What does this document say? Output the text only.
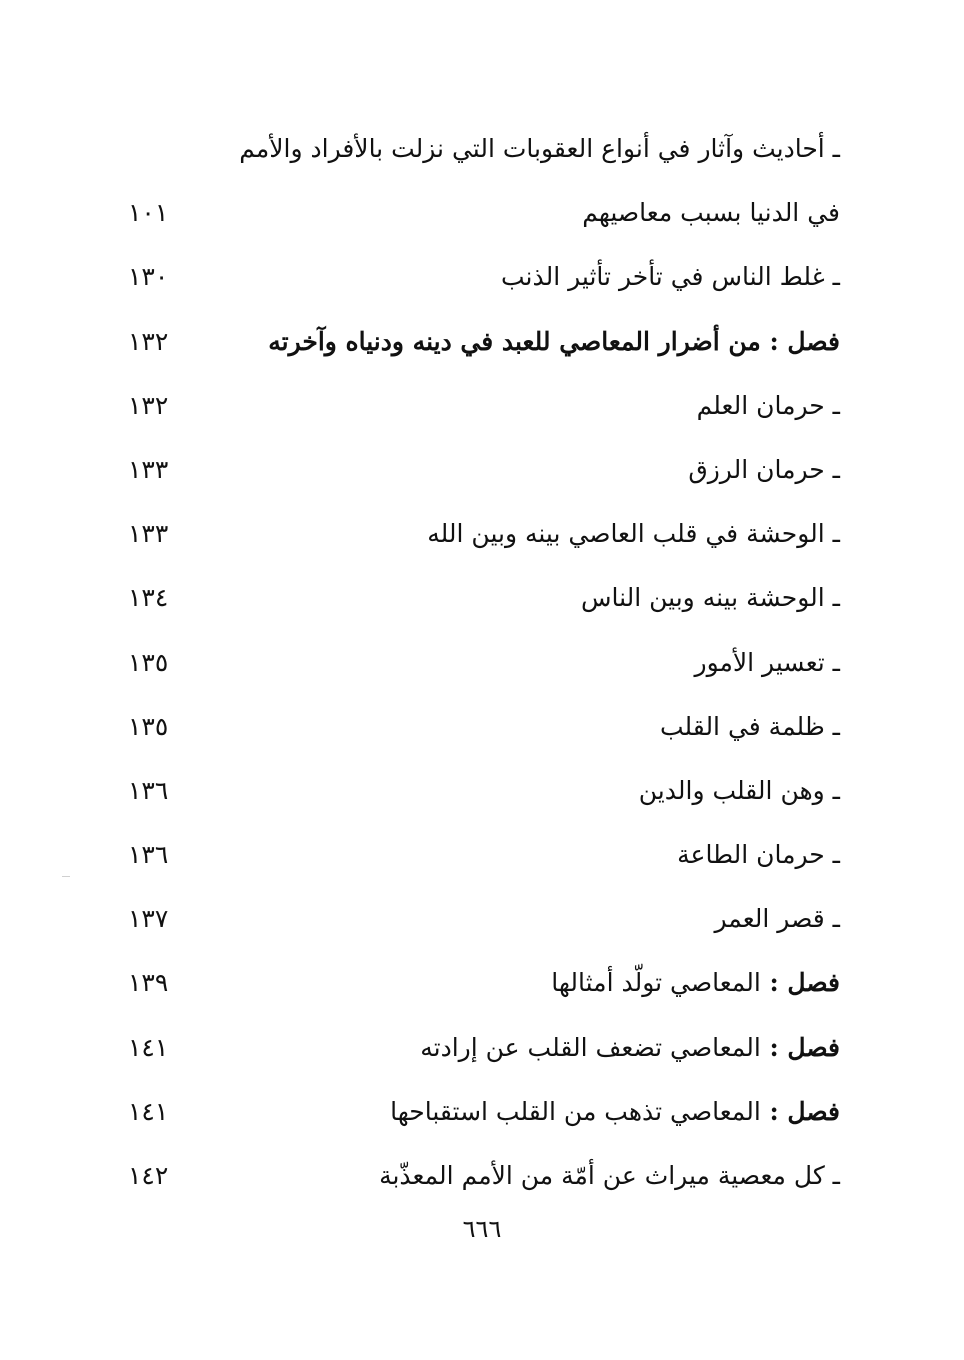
ـ أحاديث وآثار في أنواع العقوبات التي نزلت بالأفراد والأمم
في الدنيا بسبب معاصيهم
١٠١
ـ غلط الناس في تأخر تأثير الذنب
١٣٠
فصل : من أضرار المعاصي للعبد في دينه ودنياه وآخرته
١٣٢
ـ حرمان العلم
١٣٢
ـ حرمان الرزق
١٣٣
ـ الوحشة في قلب العاصي بينه وبين الله
١٣٣
ـ الوحشة بينه وبين الناس
١٣٤
ـ تعسير الأمور
١٣٥
ـ ظلمة في القلب
١٣٥
ـ وهن القلب والدين
١٣٦
ـ حرمان الطاعة
١٣٦
ـ قصر العمر
١٣٧
فصل : المعاصي تولّد أمثالها
١٣٩
فصل : المعاصي تضعف القلب عن إرادته
١٤١
فصل : المعاصي تذهب من القلب استقباحها
١٤١
ـ كل معصية ميراث عن أمّة من الأمم المعذّبة
١٤٢
٦٦٦
